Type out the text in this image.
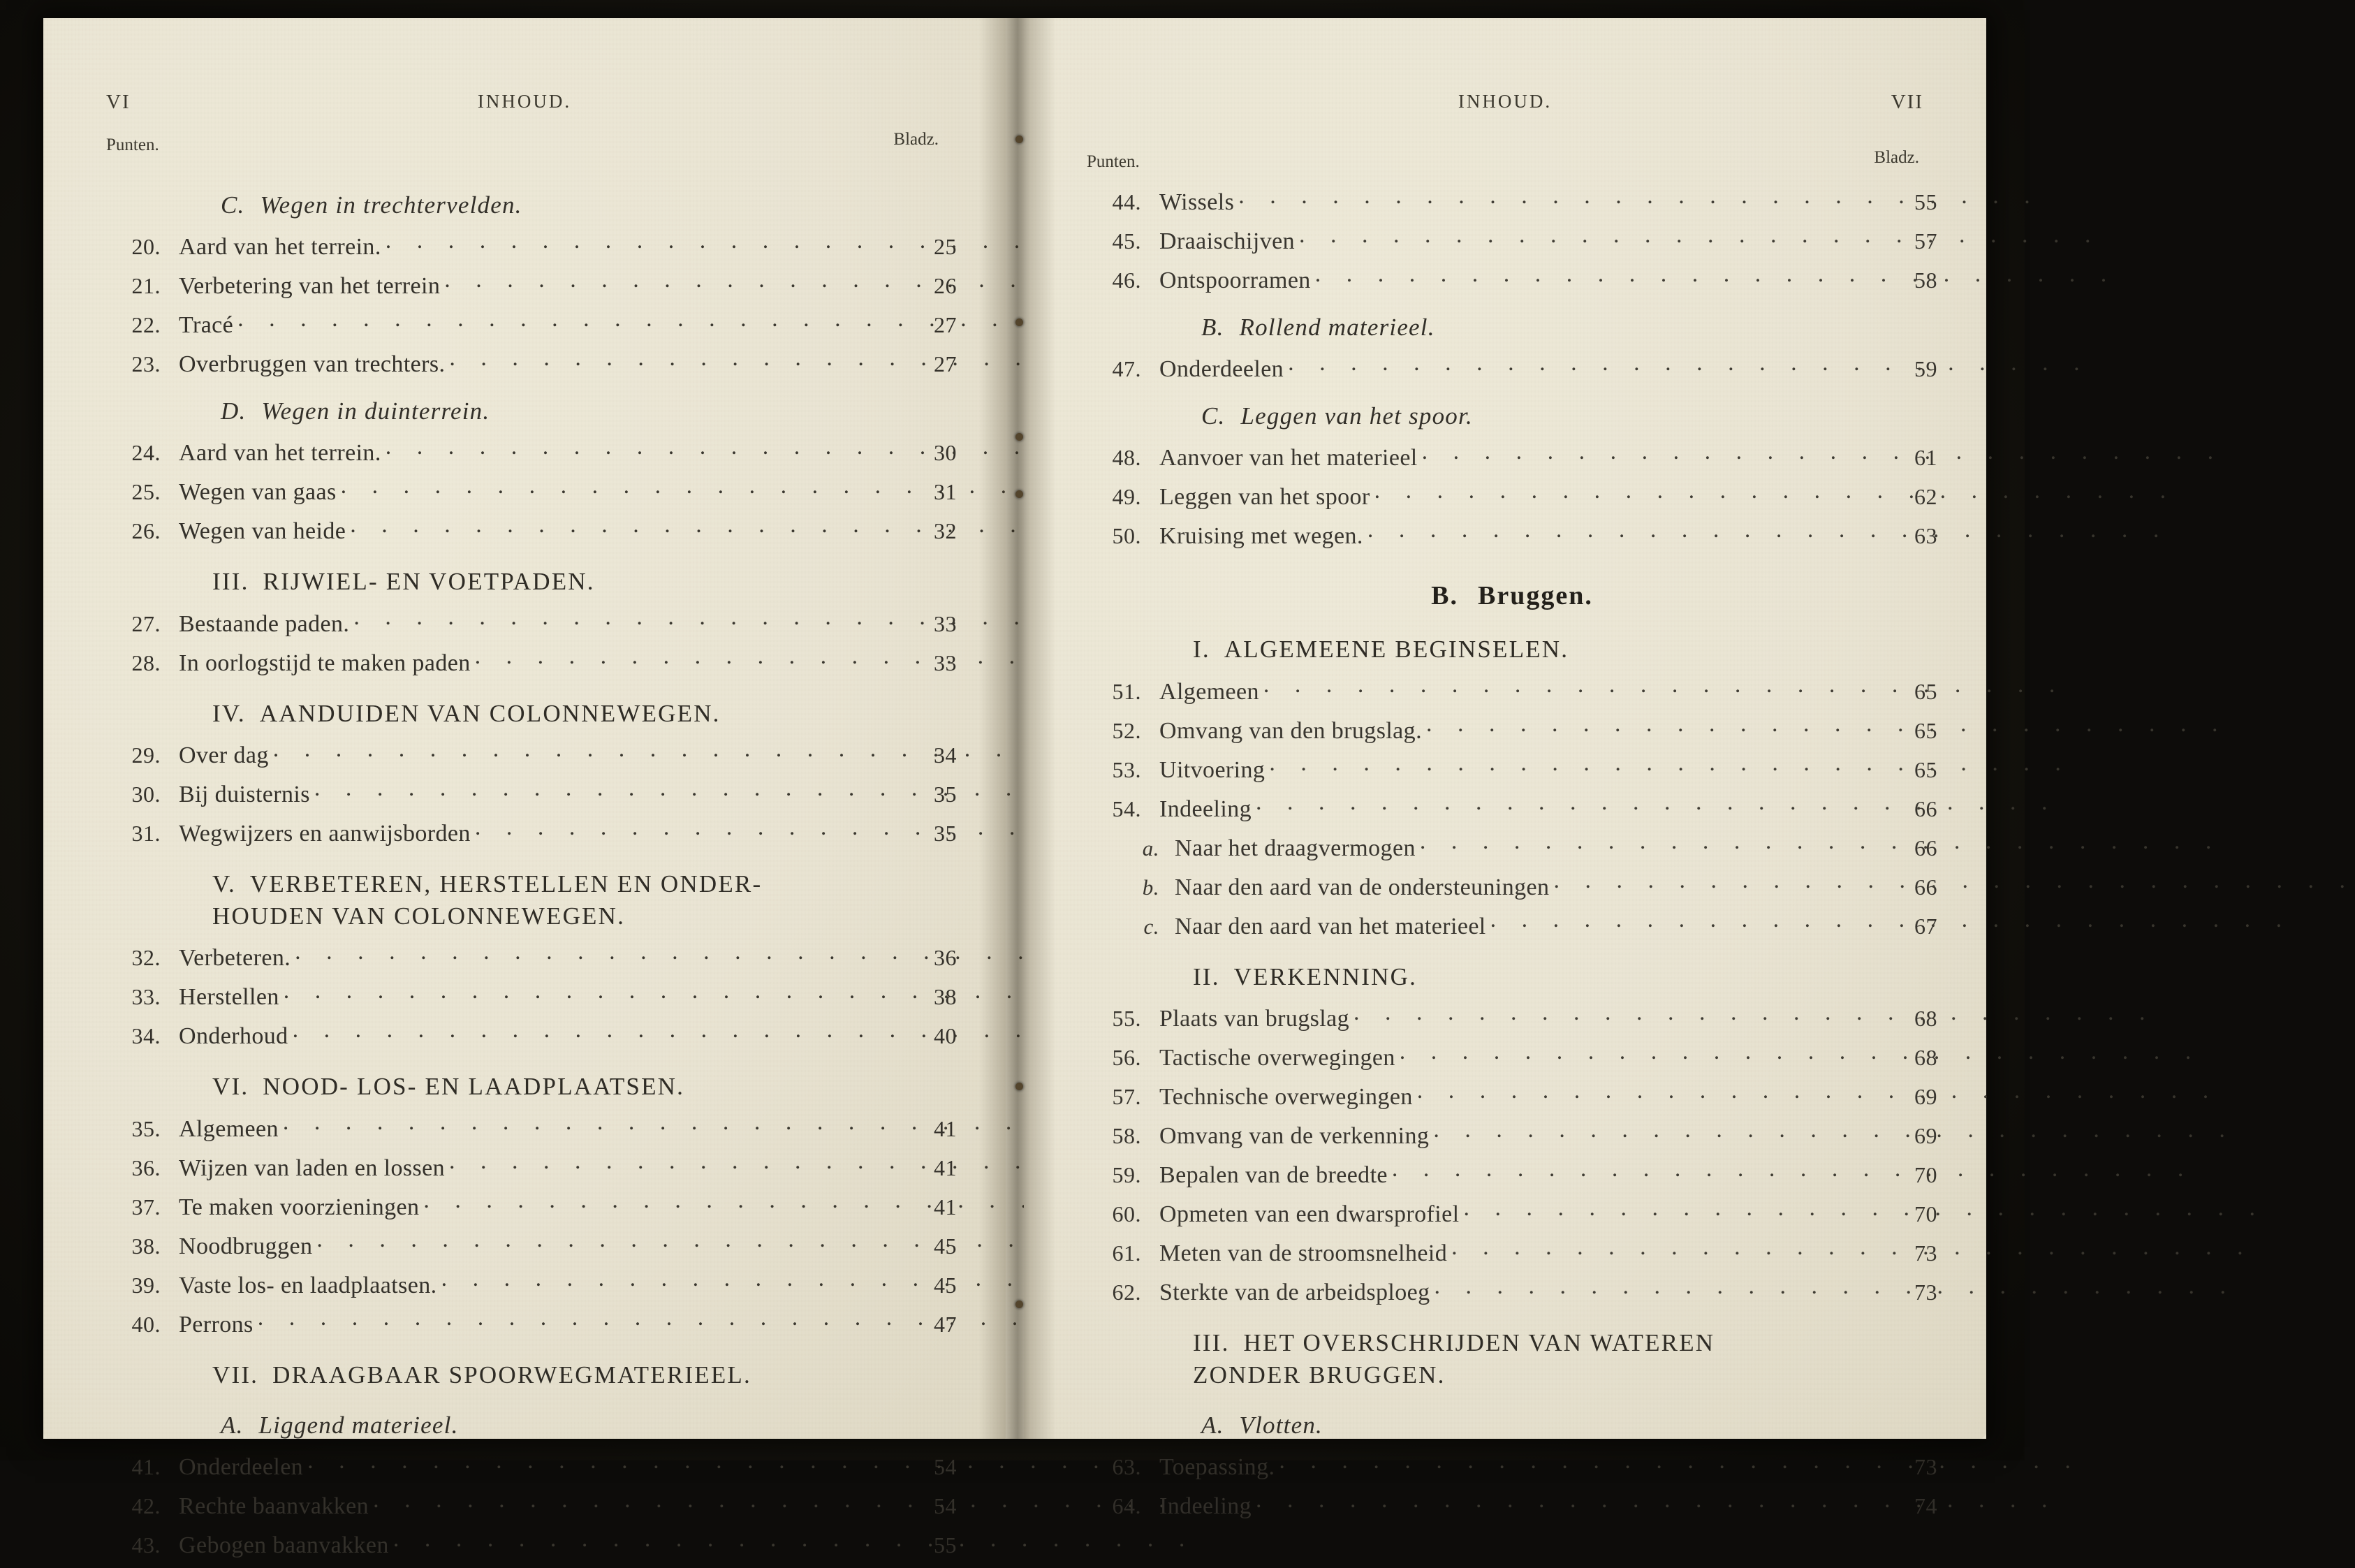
VI	INHOUD.
Punten.	Bladz.
C. Wegen in trechtervelden.
20. Aard van het terrein. . .	25
21. Verbetering van het terrein . .	26
22. Tracé . .	27
23. Overbruggen van trechters. . .	27
D. Wegen in duinterrein.
24. Aard van het terrein. . .	30
25. Wegen van gaas . .	31
26. Wegen van heide . .	32
III. RIJWIEL- EN VOETPADEN.
27. Bestaande paden. . .	33
28. In oorlogstijd te maken paden . .	33
IV. AANDUIDEN VAN COLONNEWEGEN.
29. Over dag . .	34
30. Bij duisternis . .	35
31. Wegwijzers en aanwijsborden . .	35
V. VERBETEREN, HERSTELLEN EN ONDER-
HOUDEN VAN COLONNEWEGEN.
32. Verbeteren. . .	36
33. Herstellen . .	38
34. Onderhoud . .	40
VI. NOOD- LOS- EN LAADPLAATSEN.
35. Algemeen . .	41
36. Wijzen van laden en lossen . .	41
37. Te maken voorzieningen . .	41
38. Noodbruggen . .	45
39. Vaste los- en laadplaatsen. . .	45
40. Perrons . .	47
VII. DRAAGBAAR SPOORWEGMATERIEEL.
A. Liggend materieel.
41. Onderdeelen . .	54
42. Rechte baanvakken . .	54
43. Gebogen baanvakken . .	55
VII
INHOUD.
Punten.	Bladz.
44. Wissels . .	55
45. Draaischijven . .	57
46. Ontspoorramen . .	58
B. Rollend materieel.
47. Onderdeelen . .	59
C. Leggen van het spoor.
48. Aanvoer van het materieel . .	61
49. Leggen van het spoor . .	62
50. Kruising met wegen. . .	63
B. Bruggen.
I. ALGEMEENE BEGINSELEN.
51. Algemeen . .	65
52. Omvang van den brugslag. . .	65
53. Uitvoering . .	65
54. Indeeling . .	66
a. Naar het draagvermogen . .	66
b. Naar den aard van de ondersteuningen . .	66
c. Naar den aard van het materieel . .	67
II. VERKENNING.
55. Plaats van brugslag . .	68
56. Tactische overwegingen . .	68
57. Technische overwegingen . .	69
58. Omvang van de verkenning . .	69
59. Bepalen van de breedte . .	70
60. Opmeten van een dwarsprofiel . .	70
61. Meten van de stroomsnelheid . .	73
62. Sterkte van de arbeidsploeg . .	73
III. HET OVERSCHRIJDEN VAN WATEREN
ZONDER BRUGGEN.
A. Vlotten.
63. Toepassing. . .	73
64. Indeeling . .	74
